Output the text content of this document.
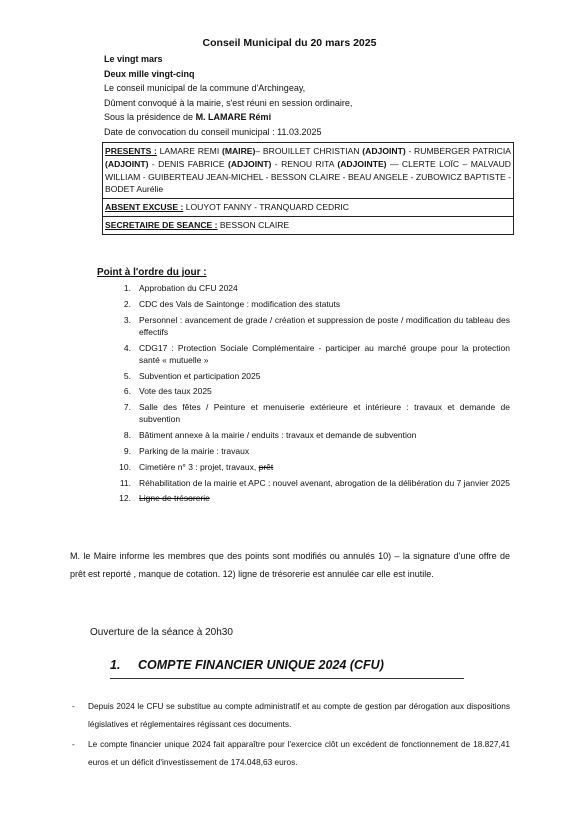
Conseil Municipal du 20 mars 2025
Le vingt mars
Deux mille vingt-cinq
Le conseil municipal de la commune d'Archingeay,
Dûment convoqué à la mairie, s'est réuni en session ordinaire,
Sous la présidence de M. LAMARE Rémi
Date de convocation du conseil municipal : 11.03.2025
PRESENTS : LAMARE REMI (MAIRE)– BROUILLET CHRISTIAN (ADJOINT) - RUMBERGER PATRICIA (ADJOINT) - DENIS FABRICE (ADJOINT) - RENOU RITA (ADJOINTE) — CLERTE LOÏC – MALVAUD WILLIAM - GUIBERTEAU JEAN-MICHEL - BESSON CLAIRE - BEAU ANGELE - ZUBOWICZ BAPTISTE - BODET Aurélie
ABSENT EXCUSE : LOUYOT FANNY - TRANQUARD CEDRIC
SECRETAIRE DE SEANCE : BESSON CLAIRE
Point à l'ordre du jour :
1. Approbation du CFU 2024
2. CDC des Vals de Saintonge : modification des statuts
3. Personnel : avancement de grade / création et suppression de poste / modification du tableau des effectifs
4. CDG17 : Protection Sociale Complémentaire - participer au marché groupe pour la protection santé « mutuelle »
5. Subvention et participation 2025
6. Vote des taux 2025
7. Salle des fêtes / Peinture et menuiserie extérieure et intérieure : travaux et demande de subvention
8. Bâtiment annexe à la mairie / enduits : travaux et demande de subvention
9. Parking de la mairie : travaux
10. Cimetière n° 3 : projet, travaux, prêt
11. Réhabilitation de la mairie et APC : nouvel avenant, abrogation de la délibération du 7 janvier 2025
12. Ligne de trésorerie
M. le Maire informe les membres que des points sont modifiés ou annulés 10) – la signature d'une offre de prêt est reporté , manque de cotation. 12) ligne de trésorerie est annulée car elle est inutile.
Ouverture de la séance à 20h30
1. COMPTE FINANCIER UNIQUE 2024 (CFU)
-	Depuis 2024 le CFU se substitue au compte administratif et au compte de gestion par dérogation aux dispositions législatives et réglementaires régissant ces documents.
-	Le compte financier unique 2024 fait apparaître pour l'exercice clôt un excédent de fonctionnement de 18.827,41 euros et un déficit d'investissement de 174.048,63 euros.
